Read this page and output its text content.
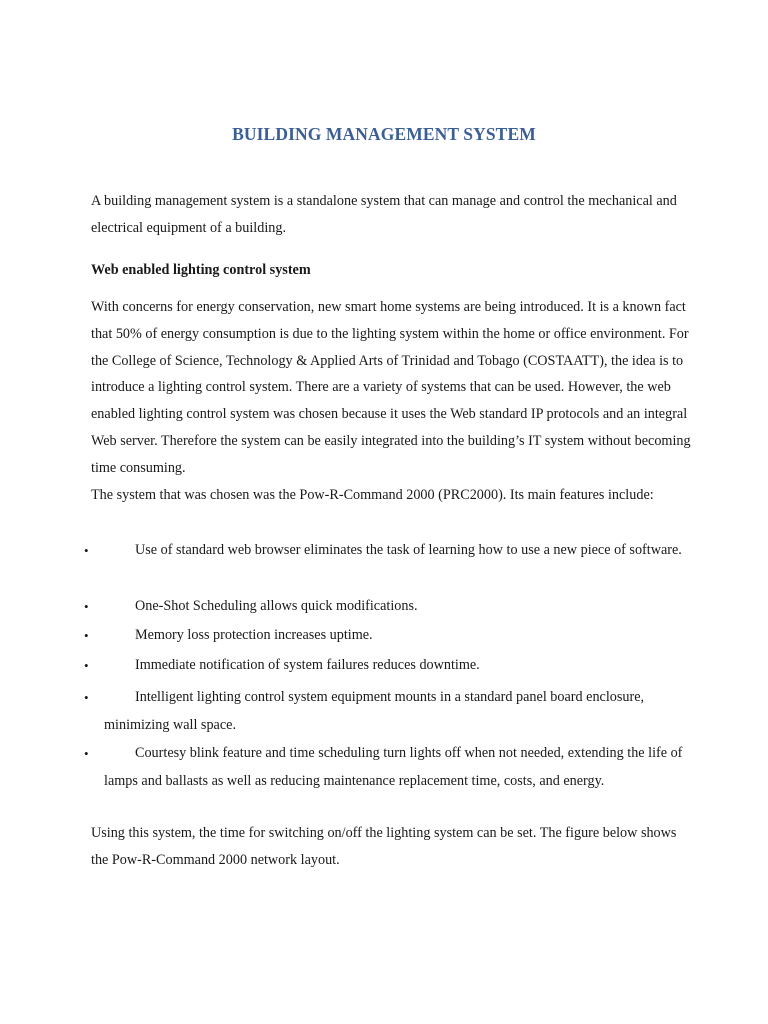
BUILDING MANAGEMENT SYSTEM
A building management system is a standalone system that can manage and control the mechanical and electrical equipment of a building.
Web enabled lighting control system
With concerns for energy conservation, new smart home systems are being introduced. It is a known fact that 50% of energy consumption is due to the lighting system within the home or office environment. For the College of Science, Technology & Applied Arts of Trinidad and Tobago (COSTAATT), the idea is to introduce a lighting control system. There are a variety of systems that can be used. However, the web enabled lighting control system was chosen because it uses the Web standard IP protocols and an integral Web server. Therefore the system can be easily integrated into the building’s IT system without becoming time consuming.
The system that was chosen was the Pow-R-Command 2000 (PRC2000). Its main features include:
•	Use of standard web browser eliminates the task of learning how to use a new piece of software.
•	One-Shot Scheduling allows quick modifications.
•	Memory loss protection increases uptime.
•	Immediate notification of system failures reduces downtime.
•	Intelligent lighting control system equipment mounts in a standard panel board enclosure, minimizing wall space.
•	Courtesy blink feature and time scheduling turn lights off when not needed, extending the life of lamps and ballasts as well as reducing maintenance replacement time, costs, and energy.
Using this system, the time for switching on/off the lighting system can be set. The figure below shows the Pow-R-Command 2000 network layout.
